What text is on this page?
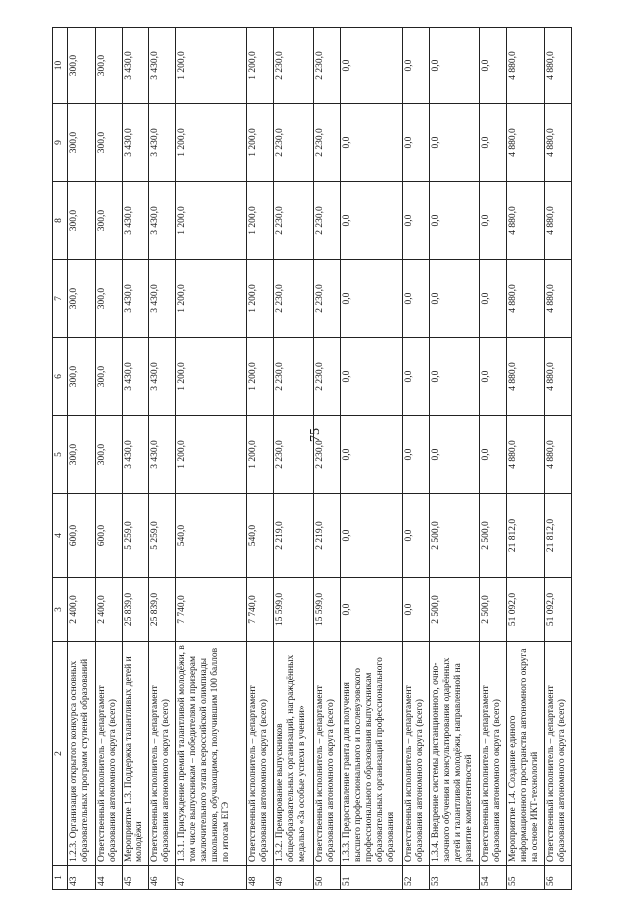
75
1	2	3	4	5	6	7	8	9	10
43	1.2.3. Организация открытого конкурса основных образовательных программ ступеней образований	2 400,0	600,0	300,0	300,0	300,0	300,0	300,0	300,0
44	Ответственный исполнитель – департамент образования автономного округа (всего)	2 400,0	600,0	300,0	300,0	300,0	300,0	300,0	300,0
45	Мероприятие 1.3. Поддержка талантливых детей и молодёжи	25 839,0	5 259,0	3 430,0	3 430,0	3 430,0	3 430,0	3 430,0	3 430,0
46	Ответственный исполнитель – департамент образования автономного округа (всего)	25 839,0	5 259,0	3 430,0	3 430,0	3 430,0	3 430,0	3 430,0	3 430,0
47	1.3.1. Присуждение премий талантливой молодёжи, в том числе выпускникам – победителям и призерам заключительного этапа всероссийской олимпиады школьников, обучающимся, получившим 100 баллов по итогам ЕГЭ	7 740,0	540,0	1 200,0	1 200,0	1 200,0	1 200,0	1 200,0	1 200,0
48	Ответственный исполнитель – департамент образования автономного округа (всего)	7 740,0	540,0	1 200,0	1 200,0	1 200,0	1 200,0	1 200,0	1 200,0
49	1.3.2. Премирование выпускников общеобразовательных организаций, награждённых медалью «За особые успехи в учении»	15 599,0	2 219,0	2 230,0	2 230,0	2 230,0	2 230,0	2 230,0	2 230,0
50	Ответственный исполнитель – департамент образования автономного округа (всего)	15 599,0	2 219,0	2 230,0	2 230,0	2 230,0	2 230,0	2 230,0	2 230,0
51	1.3.3. Предоставление гранта для получения высшего профессионального и послевузовского профессионального образования выпускникам образовательных организаций профессионального образования	0,0	0,0	0,0	0,0	0,0	0,0	0,0	0,0
52	Ответственный исполнитель – департамент образования автономного округа (всего)	0,0	0,0	0,0	0,0	0,0	0,0	0,0	0,0
53	1.3.4. Внедрение системы дистанционного, очно-заочного обучения и консультирования одарённых детей и талантливой молодёжи, направленной на развитие компетентностей	2 500,0	2 500,0	0,0	0,0	0,0	0,0	0,0	0,0
54	Ответственный исполнитель – департамент образования автономного округа (всего)	2 500,0	2 500,0	0,0	0,0	0,0	0,0	0,0	0,0
55	Мероприятие 1.4. Создание единого информационного пространства автономного округа на основе ИКТ-технологий	51 092,0	21 812,0	4 880,0	4 880,0	4 880,0	4 880,0	4 880,0	4 880,0
56	Ответственный исполнитель – департамент образования автономного округа (всего)	51 092,0	21 812,0	4 880,0	4 880,0	4 880,0	4 880,0	4 880,0	4 880,0
